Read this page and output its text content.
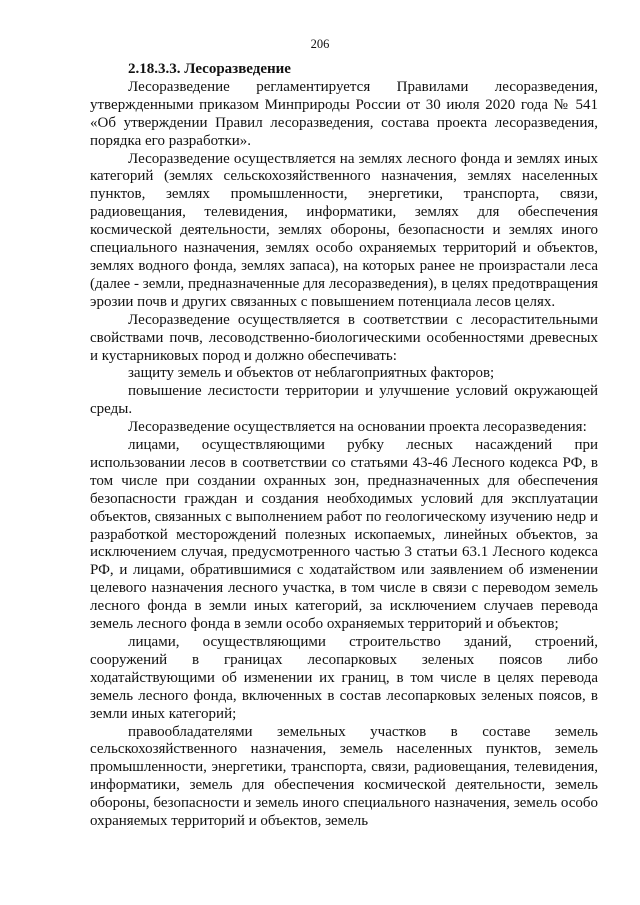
206

2.18.3.3. Лесоразведение

Лесоразведение регламентируется Правилами лесоразведения, утвержденными приказом Минприроды России от 30 июля 2020 года № 541 «Об утверждении Правил лесоразведения, состава проекта лесоразведения, порядка его разработки».

Лесоразведение осуществляется на землях лесного фонда и землях иных категорий (землях сельскохозяйственного назначения, землях населенных пунктов, землях промышленности, энергетики, транспорта, связи, радиовещания, телевидения, информатики, землях для обеспечения космической деятельности, землях обороны, безопасности и землях иного специального назначения, землях особо охраняемых территорий и объектов, землях водного фонда, землях запаса), на которых ранее не произрастали леса (далее - земли, предназначенные для лесоразведения), в целях предотвращения эрозии почв и других связанных с повышением потенциала лесов целях.

Лесоразведение осуществляется в соответствии с лесорастительными свойствами почв, лесоводственно-биологическими особенностями древесных и кустарниковых пород и должно обеспечивать:

защиту земель и объектов от неблагоприятных факторов;

повышение лесистости территории и улучшение условий окружающей среды.

Лесоразведение осуществляется на основании проекта лесоразведения:

лицами, осуществляющими рубку лесных насаждений при использовании лесов в соответствии со статьями 43-46 Лесного кодекса РФ, в том числе при создании охранных зон, предназначенных для обеспечения безопасности граждан и создания необходимых условий для эксплуатации объектов, связанных с выполнением работ по геологическому изучению недр и разработкой месторождений полезных ископаемых, линейных объектов, за исключением случая, предусмотренного частью 3 статьи 63.1 Лесного кодекса РФ, и лицами, обратившимися с ходатайством или заявлением об изменении целевого назначения лесного участка, в том числе в связи с переводом земель лесного фонда в земли иных категорий, за исключением случаев перевода земель лесного фонда в земли особо охраняемых территорий и объектов;

лицами, осуществляющими строительство зданий, строений, сооружений в границах лесопарковых зеленых поясов либо ходатайствующими об изменении их границ, в том числе в целях перевода земель лесного фонда, включенных в состав лесопарковых зеленых поясов, в земли иных категорий;

правообладателями земельных участков в составе земель сельскохозяйственного назначения, земель населенных пунктов, земель промышленности, энергетики, транспорта, связи, радиовещания, телевидения, информатики, земель для обеспечения космической деятельности, земель обороны, безопасности и земель иного специального назначения, земель особо охраняемых территорий и объектов, земель
